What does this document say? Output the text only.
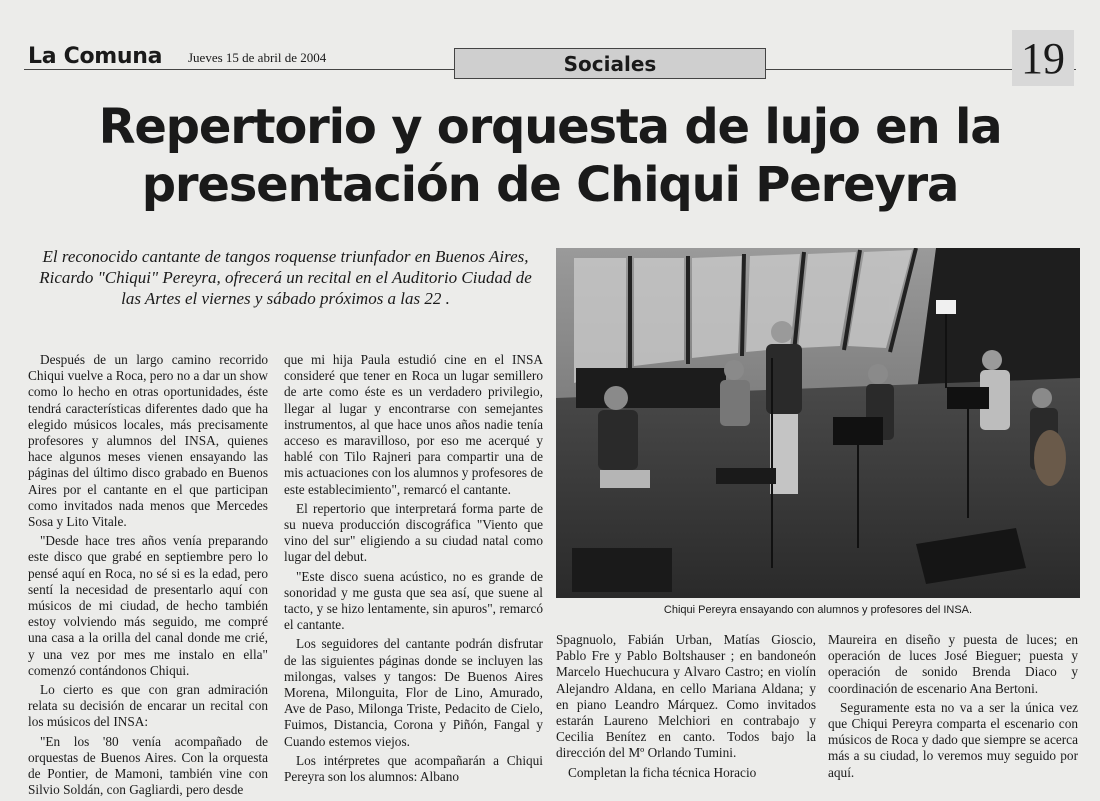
La Comuna Jueves 15 de abril de 2004	Sociales	19
Repertorio y orquesta de lujo en la
presentación de Chiqui Pereyra
El reconocido cantante de tangos roquense triunfador en Buenos Aires, Ricardo "Chiqui" Pereyra, ofrecerá un recital en el Auditorio Ciudad de las Artes el viernes y sábado próximos a las 22 .

Después de un largo camino recorrido Chiqui vuelve a Roca, pero no a dar un show como lo hecho en otras oportunidades, éste tendrá características diferentes dado que ha elegido músicos locales, más precisamente profesores y alumnos del INSA, quienes hace algunos meses vienen ensayando las páginas del último disco grabado en Buenos Aires por el cantante en el que participan como invitados nada menos que Mercedes Sosa y Lito Vitale.

"Desde hace tres años venía preparando este disco que grabé en septiembre pero lo pensé aquí en Roca, no sé si es la edad, pero sentí la necesidad de presentarlo aquí con músicos de mi ciudad, de hecho también estoy volviendo más seguido, me compré una casa a la orilla del canal donde me crié, y una vez por mes me instalo en ella" comenzó contándonos Chiqui.

Lo cierto es que con gran admiración relata su decisión de encarar un recital con los músicos del INSA:

"En los '80 venía acompañado de orquestas de Buenos Aires. Con la orquesta de Pontier, de Mamoni, también vine con Silvio Soldán, con Gagliardi, pero desde

que mi hija Paula estudió cine en el INSA consideré que tener en Roca un lugar semillero de arte como éste es un verdadero privilegio, llegar al lugar y encontrarse con semejantes instrumentos, al que hace unos años nadie tenía acceso es maravilloso, por eso me acerqué y hablé con Tilo Rajneri para compartir una de mis actuaciones con los alumnos y profesores de este establecimiento", remarcó el cantante.

El repertorio que interpretará forma parte de su nueva producción discográfica "Viento que vino del sur" eligiendo a su ciudad natal como lugar del debut.

"Este disco suena acústico, no es grande de sonoridad y me gusta que sea así, que suene al tacto, y se hizo lentamente, sin apuros", remarcó el cantante.

Los seguidores del cantante podrán disfrutar de las siguientes páginas donde se incluyen las milongas, valses y tangos: De Buenos Aires Morena, Milonguita, Flor de Lino, Amurado, Ave de Paso, Milonga Triste, Pedacito de Cielo, Fuimos, Distancia, Corona y Piñón, Fangal y Cuando estemos viejos.

Los intérpretes que acompañarán a Chiqui Pereyra son los alumnos: Albano

Chiqui Pereyra ensayando con alumnos y profesores del INSA.

Spagnuolo, Fabián Urban, Matías Gioscio, Pablo Fre y Pablo Boltshauser ; en bandoneón Marcelo Huechucura y Alvaro Castro; en violín Alejandro Aldana, en cello Mariana Aldana; y en piano Leandro Márquez. Como invitados estarán Laureno Melchiori en contrabajo y Cecilia Benítez en canto. Todos bajo la dirección del Mº Orlando Tumini.

Completan la ficha técnica Horacio

Maureira en diseño y puesta de luces; en operación de luces José Bieguer; puesta y operación de sonido Brenda Diaco y coordinación de escenario Ana Bertoni.

Seguramente esta no va a ser la única vez que Chiqui Pereyra comparta el escenario con músicos de Roca y dado que siempre se acerca más a su ciudad, lo veremos muy seguido por aquí.
